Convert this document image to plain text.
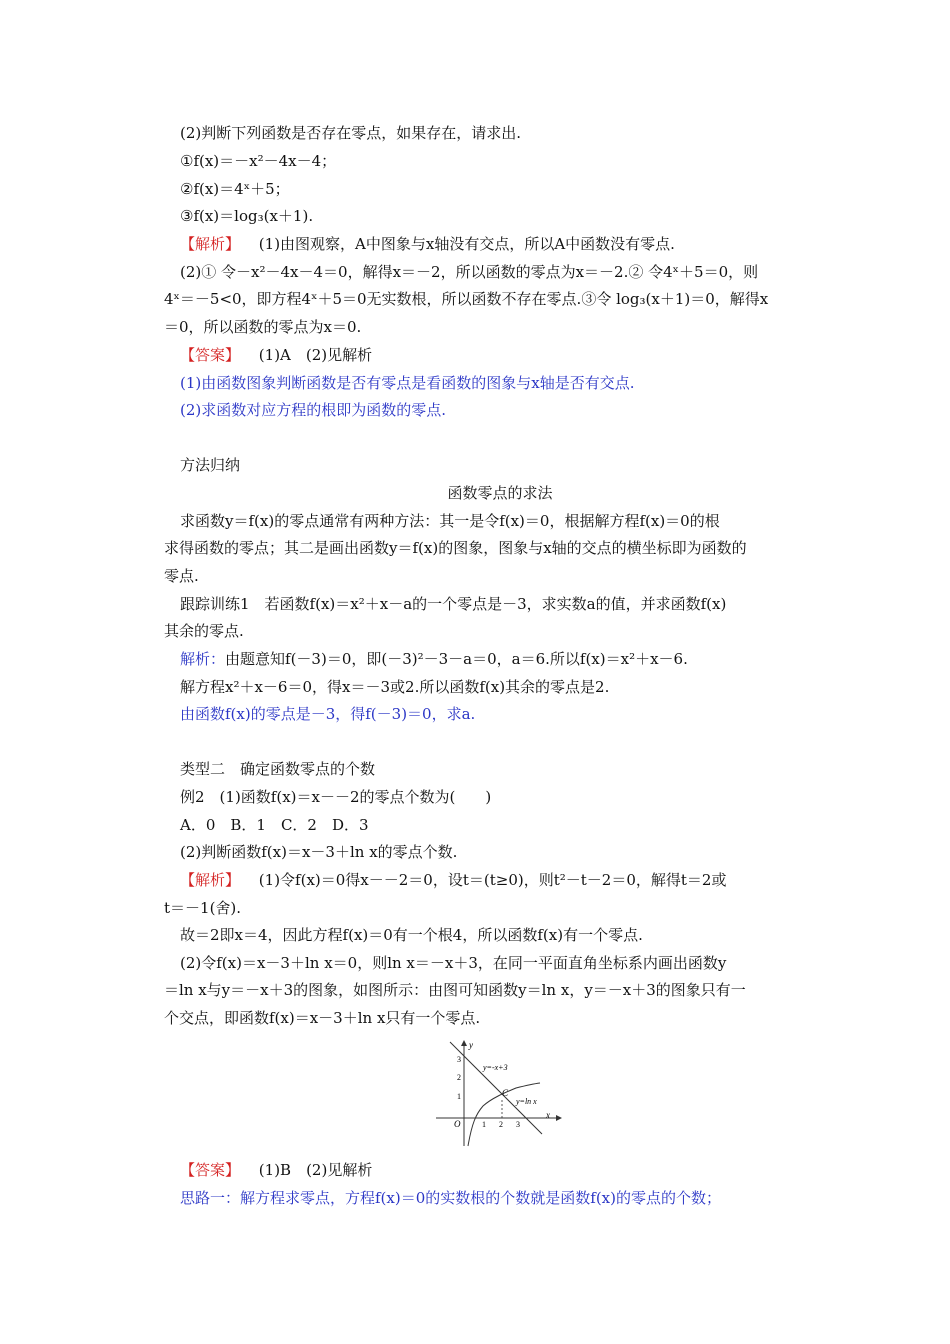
(2)判断下列函数是否存在零点，如果存在，请求出.
①f(x)＝－x²－4x－4；
②f(x)＝4ˣ＋5；
③f(x)＝log₃(x＋1).
【解析】 (1)由图观察，A中图象与x轴没有交点，所以A中函数没有零点.
(2)① 令－x²－4x－4＝0，解得x＝－2，所以函数的零点为x＝－2.② 令4ˣ＋5＝0，则
4ˣ＝－5<0，即方程4ˣ＋5＝0无实数根，所以函数不存在零点.③令 log₃(x＋1)＝0，解得x
＝0，所以函数的零点为x＝0.
【答案】 (1)A　(2)见解析
(1)由函数图象判断函数是否有零点是看函数的图象与x轴是否有交点.
(2)求函数对应方程的根即为函数的零点.
方法归纳
函数零点的求法
求函数y＝f(x)的零点通常有两种方法：其一是令f(x)＝0，根据解方程f(x)＝0的根
求得函数的零点；其二是画出函数y＝f(x)的图象，图象与x轴的交点的横坐标即为函数的
零点.
跟踪训练1　若函数f(x)＝x²＋x－a的一个零点是－3，求实数a的值，并求函数f(x)
其余的零点.
解析：由题意知f(－3)＝0，即(－3)²－3－a＝0，a＝6.所以f(x)＝x²＋x－6.
解方程x²＋x－6＝0，得x＝－3或2.所以函数f(x)其余的零点是2.
由函数f(x)的零点是－3，得f(－3)＝0，求a.
类型二　确定函数零点的个数
例2　(1)函数f(x)＝x－－2的零点个数为(　　)
A．0　B．1　C．2　D．3
(2)判断函数f(x)＝x－3＋ln x的零点个数.
【解析】 (1)令f(x)＝0得x－－2＝0，设t＝(t≥0)，则t²－t－2＝0，解得t＝2或
t＝－1(舍).
故＝2即x＝4，因此方程f(x)＝0有一个根4，所以函数f(x)有一个零点.
(2)令f(x)＝x－3＋ln x＝0，则ln x＝－x＋3，在同一平面直角坐标系内画出函数y
＝ln x与y＝－x＋3的图象，如图所示：由图可知函数y＝ln x，y＝－x＋3的图象只有一
个交点，即函数f(x)＝x－3＋ln x只有一个零点.
【答案】 (1)B　(2)见解析
思路一：解方程求零点，方程f(x)＝0的实数根的个数就是函数f(x)的零点的个数；
y
x
O
3
2
1
1 2 3
y=-x+3
y=ln x
C
